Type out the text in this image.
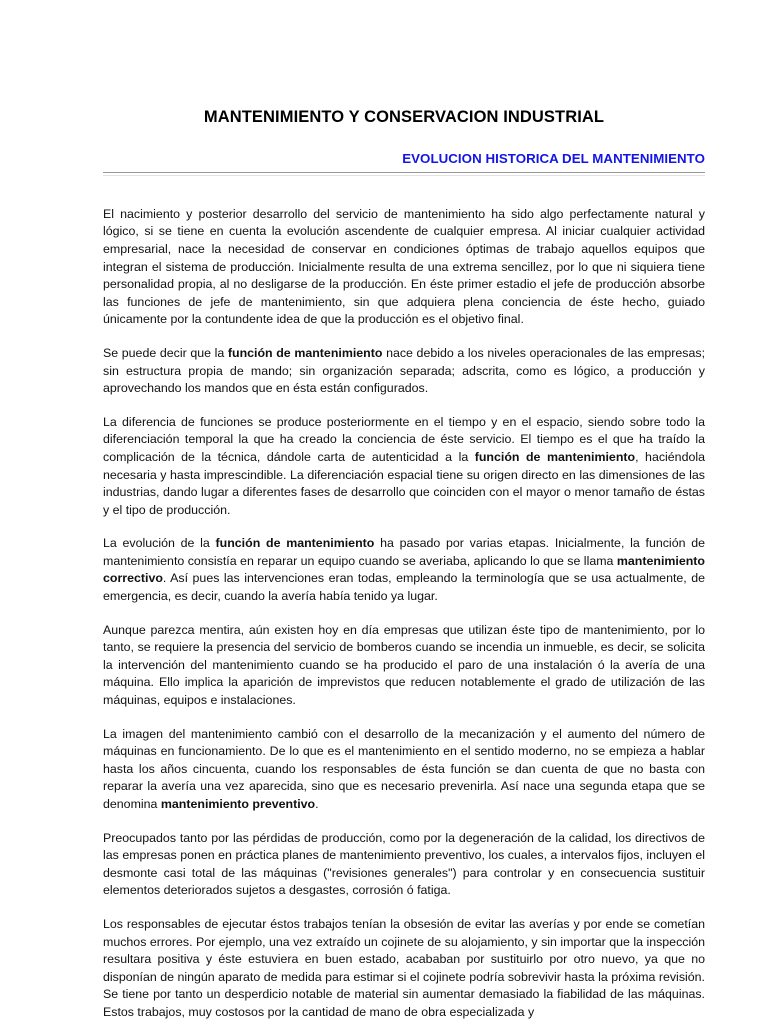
MANTENIMIENTO Y CONSERVACION INDUSTRIAL
EVOLUCION HISTORICA DEL MANTENIMIENTO

El nacimiento y posterior desarrollo del servicio de mantenimiento ha sido algo perfectamente natural y lógico, si se tiene en cuenta la evolución ascendente de cualquier empresa. Al iniciar cualquier actividad empresarial, nace la necesidad de conservar en condiciones óptimas de trabajo aquellos equipos que integran el sistema de producción. Inicialmente resulta de una extrema sencillez, por lo que ni siquiera tiene personalidad propia, al no desligarse de la producción. En éste primer estadio el jefe de producción absorbe las funciones de jefe de mantenimiento, sin que adquiera plena conciencia de éste hecho, guiado únicamente por la contundente idea de que la producción es el objetivo final.

Se puede decir que la función de mantenimiento nace debido a los niveles operacionales de las empresas; sin estructura propia de mando; sin organización separada; adscrita, como es lógico, a producción y aprovechando los mandos que en ésta están configurados.

La diferencia de funciones se produce posteriormente en el tiempo y en el espacio, siendo sobre todo la diferenciación temporal la que ha creado la conciencia de éste servicio. El tiempo es el que ha traído la complicación de la técnica, dándole carta de autenticidad a la función de mantenimiento, haciéndola necesaria y hasta imprescindible. La diferenciación espacial tiene su origen directo en las dimensiones de las industrias, dando lugar a diferentes fases de desarrollo que coinciden con el mayor o menor tamaño de éstas y el tipo de producción.

La evolución de la función de mantenimiento ha pasado por varias etapas. Inicialmente, la función de mantenimiento consistía en reparar un equipo cuando se averiaba, aplicando lo que se llama mantenimiento correctivo. Así pues las intervenciones eran todas, empleando la terminología que se usa actualmente, de emergencia, es decir, cuando la avería había tenido ya lugar.

Aunque parezca mentira, aún existen hoy en día empresas que utilizan éste tipo de mantenimiento, por lo tanto, se requiere la presencia del servicio de bomberos cuando se incendia un inmueble, es decir, se solicita la intervención del mantenimiento cuando se ha producido el paro de una instalación ó la avería de una máquina. Ello implica la aparición de imprevistos que reducen notablemente el grado de utilización de las máquinas, equipos e instalaciones.

La imagen del mantenimiento cambió con el desarrollo de la mecanización y el aumento del número de máquinas en funcionamiento. De lo que es el mantenimiento en el sentido moderno, no se empieza a hablar hasta los años cincuenta, cuando los responsables de ésta función se dan cuenta de que no basta con reparar la avería una vez aparecida, sino que es necesario prevenirla. Así nace una segunda etapa que se denomina mantenimiento preventivo.

Preocupados tanto por las pérdidas de producción, como por la degeneración de la calidad, los directivos de las empresas ponen en práctica planes de mantenimiento preventivo, los cuales, a intervalos fijos, incluyen el desmonte casi total de las máquinas ("revisiones generales") para controlar y en consecuencia sustituir elementos deteriorados sujetos a desgastes, corrosión ó fatiga.

Los responsables de ejecutar éstos trabajos tenían la obsesión de evitar las averías y por ende se cometían muchos errores. Por ejemplo, una vez extraído un cojinete de su alojamiento, y sin importar que la inspección resultara positiva y éste estuviera en buen estado, acababan por sustituirlo por otro nuevo, ya que no disponían de ningún aparato de medida para estimar si el cojinete podría sobrevivir hasta la próxima revisión. Se tiene por tanto un desperdicio notable de material sin aumentar demasiado la fiabilidad de las máquinas. Estos trabajos, muy costosos por la cantidad de mano de obra especializada y
